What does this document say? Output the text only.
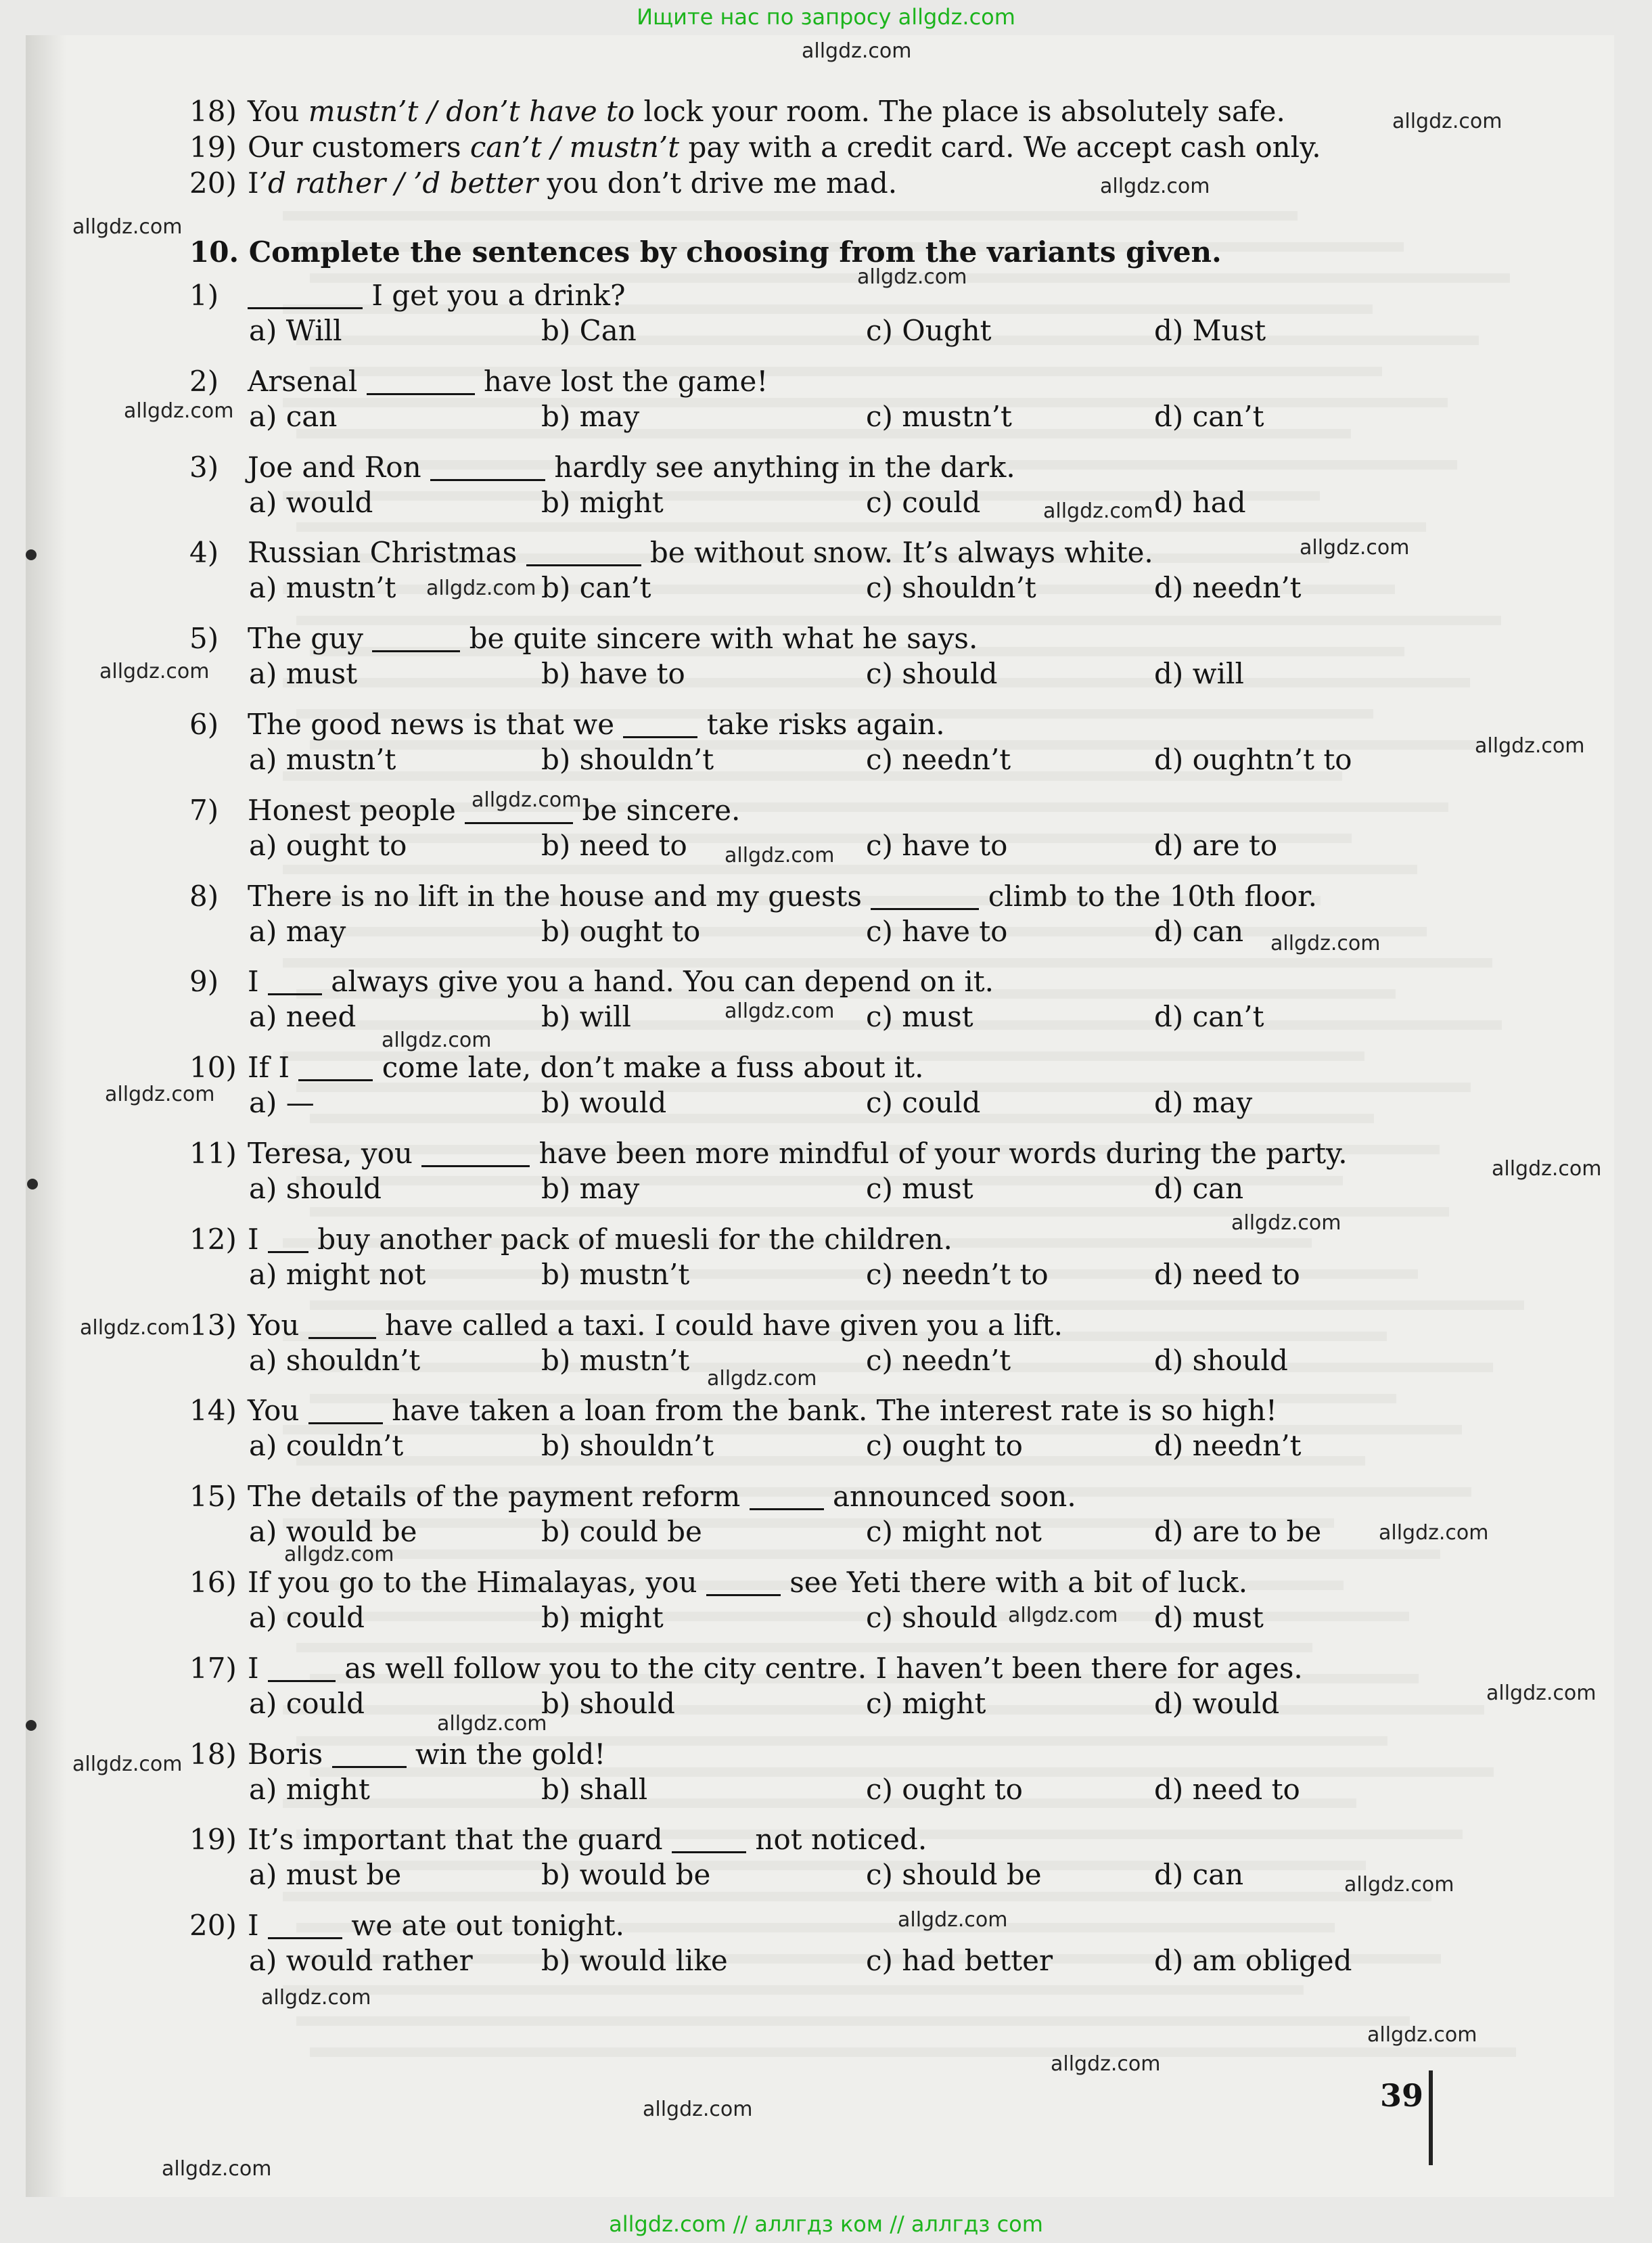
Ищите нас по запросу allgdz.com
allgdz.com // аллгдз ком // аллгдз com
18) You mustn’t / don’t have to lock your room. The place is absolutely safe.
19) Our customers can’t / mustn’t pay with a credit card. We accept cash only.
20) I’d rather / ’d better you don’t drive me mad.
10. Complete the sentences by choosing from the variants given.
1)	I get you a drink?
a) Will	b) Can	c) Ought	d) Must
2) Arsenal	have lost the game!
a) can	b) may	c) mustn’t	d) can’t
3) Joe and Ron	hardly see anything in the dark.
a) would	b) might	c) could	d) had
4) Russian Christmas	be without snow. It’s always white.
a) mustn’t	b) can’t	c) shouldn’t	d) needn’t
5) The guy	be quite sincere with what he says.
a) must	b) have to	c) should	d) will
6) The good news is that we	take risks again.
a) mustn’t	b) shouldn’t	c) needn’t	d) oughtn’t to
7) Honest people	be sincere.
a) ought to	b) need to	c) have to	d) are to
8) There is no lift in the house and my guests	climb to the 10th floor.
a) may	b) ought to	c) have to	d) can
9) I  always give you a hand. You can depend on it.
a) need	b) will	c) must	d) can’t
10) If I	come late, don’t make a fuss about it.
a) —	b) would	c) could	d) may
11) Teresa, you	have been more mindful of your words during the party.
a) should	b) may	c) must	d) can
12) I  buy another pack of muesli for the children.
a) might not	b) mustn’t	c) needn’t to	d) need to
13) You  have called a taxi. I could have given you a lift.
a) shouldn’t	b) mustn’t	c) needn’t	d) should
14) You	have taken a loan from the bank. The interest rate is so high!
a) couldn’t	b) shouldn’t	c) ought to	d) needn’t
15) The details of the payment reform	announced soon.
a) would be	b) could be	c) might not	d) are to be
16) If you go to the Himalayas, you	see Yeti there with a bit of luck.
a) could	b) might	c) should	d) must
17) I  as well follow you to the city centre. I haven’t been there for ages.
a) could	b) should	c) might	d) would
18) Boris	win the gold!
a) might	b) shall	c) ought to	d) need to
19) It’s important that the guard	not noticed.
a) must be	b) would be	c) should be	d) can
20) I	we ate out tonight.
a) would rather b) would like	c) had better	d) am obliged
39
allgdz.com
allgdz.com
allgdz.com
allgdz.com
allgdz.com
allgdz.com
allgdz.com
allgdz.com
allgdz.com
allgdz.com
allgdz.com
allgdz.com
allgdz.com
allgdz.com
allgdz.com
allgdz.com
allgdz.com
allgdz.com
allgdz.com
allgdz.com
allgdz.com
allgdz.com
allgdz.com
allgdz.com
allgdz.com
allgdz.com
allgdz.com
allgdz.com
allgdz.com
allgdz.com
allgdz.com
allgdz.com
allgdz.com
allgdz.com
